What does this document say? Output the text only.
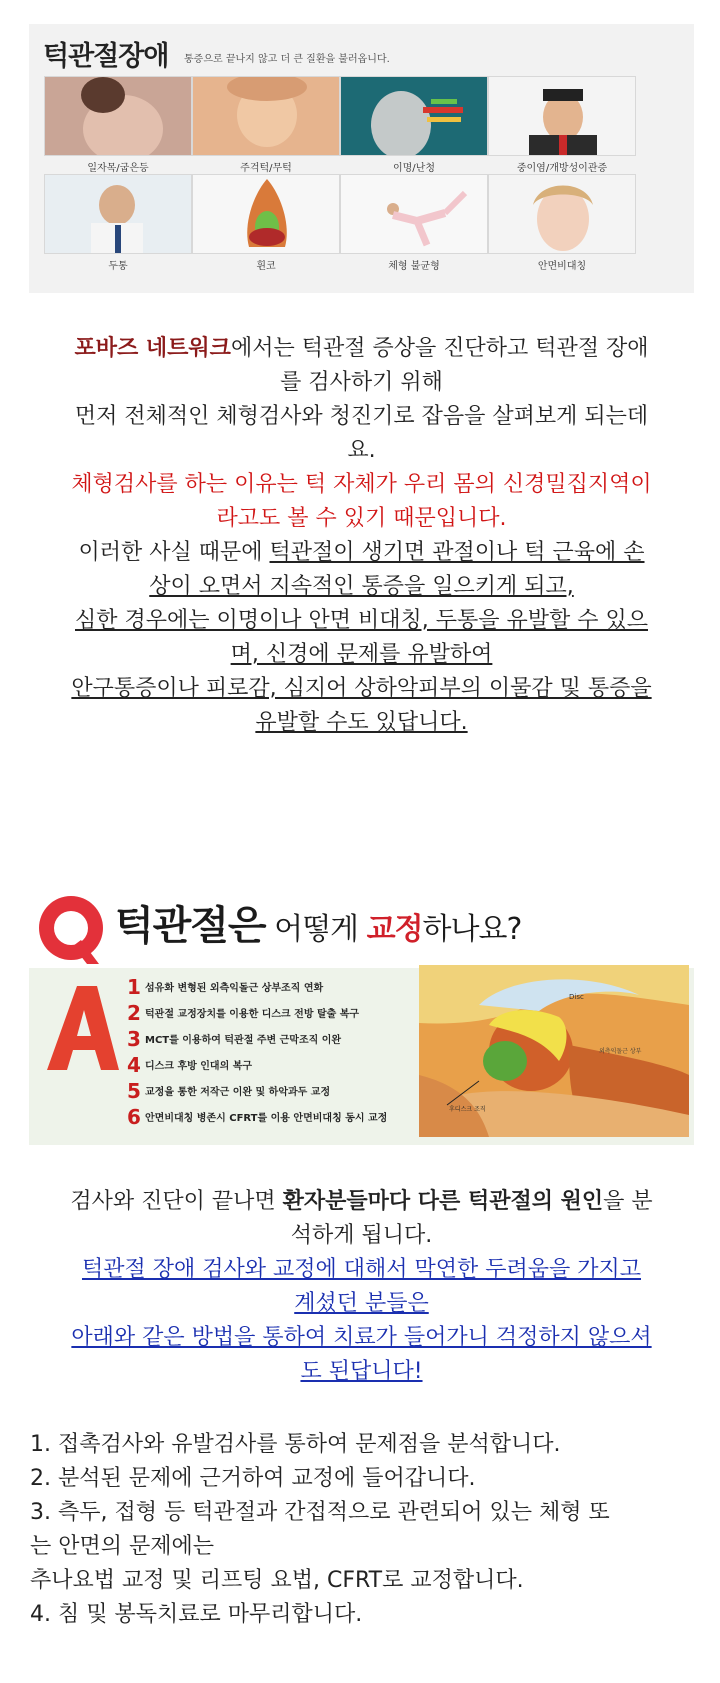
턱관절장애 통증으로 끝나지 않고 더 큰 질환을 불러옵니다.
일자목/굽은등	주걱턱/무턱	이명/난청	중이염/개방성이관증
두통	휜코	체형 불균형	안면비대칭
포바즈 네트워크에서는 턱관절 증상을 진단하고 턱관절 장애
를 검사하기 위해
먼저 전체적인 체형검사와 청진기로 잡음을 살펴보게 되는데
요.
체형검사를 하는 이유는 턱 자체가 우리 몸의 신경밀집지역이
라고도 볼 수 있기 때문입니다.
이러한 사실 때문에 턱관절이 생기면 관절이나 턱 근육에 손
상이 오면서 지속적인 통증을 일으키게 되고,
심한 경우에는 이명이나 안면 비대칭, 두통을 유발할 수 있으
며, 신경에 문제를 유발하여
안구통증이나 피로감, 심지어 상하악피부의 이물감 및 통증을
유발할 수도 있답니다.
턱관절은 어떻게 교정하나요?
1 섬유화 변형된 외측익돌근 상부조직 연화
2 턱관절 교정장치를 이용한 디스크 전방 탈출 복구
3 MCT를 이용하여 턱관절 주변 근막조직 이완
4 디스크 후방 인대의 복구
5 교정을 통한 저작근 이완 및 하악과두 교정
6 안면비대칭 병존시 CFRT를 이용 안면비대칭 동시 교정
Disc
외측익돌근 상부
후디스크 조직
검사와 진단이 끝나면 환자분들마다 다른 턱관절의 원인을 분
석하게 됩니다.
턱관절 장애 검사와 교정에 대해서 막연한 두려움을 가지고
계셨던 분들은
아래와 같은 방법을 통하여 치료가 들어가니 걱정하지 않으셔
도 된답니다!
1. 접촉검사와 유발검사를 통하여 문제점을 분석합니다.
2. 분석된 문제에 근거하여 교정에 들어갑니다.
3. 측두, 접형 등 턱관절과 간접적으로 관련되어 있는 체형 또
는 안면의 문제에는
추나요법 교정 및 리프팅 요법, CFRT로 교정합니다.
4. 침 및 봉독치료로 마무리합니다.
